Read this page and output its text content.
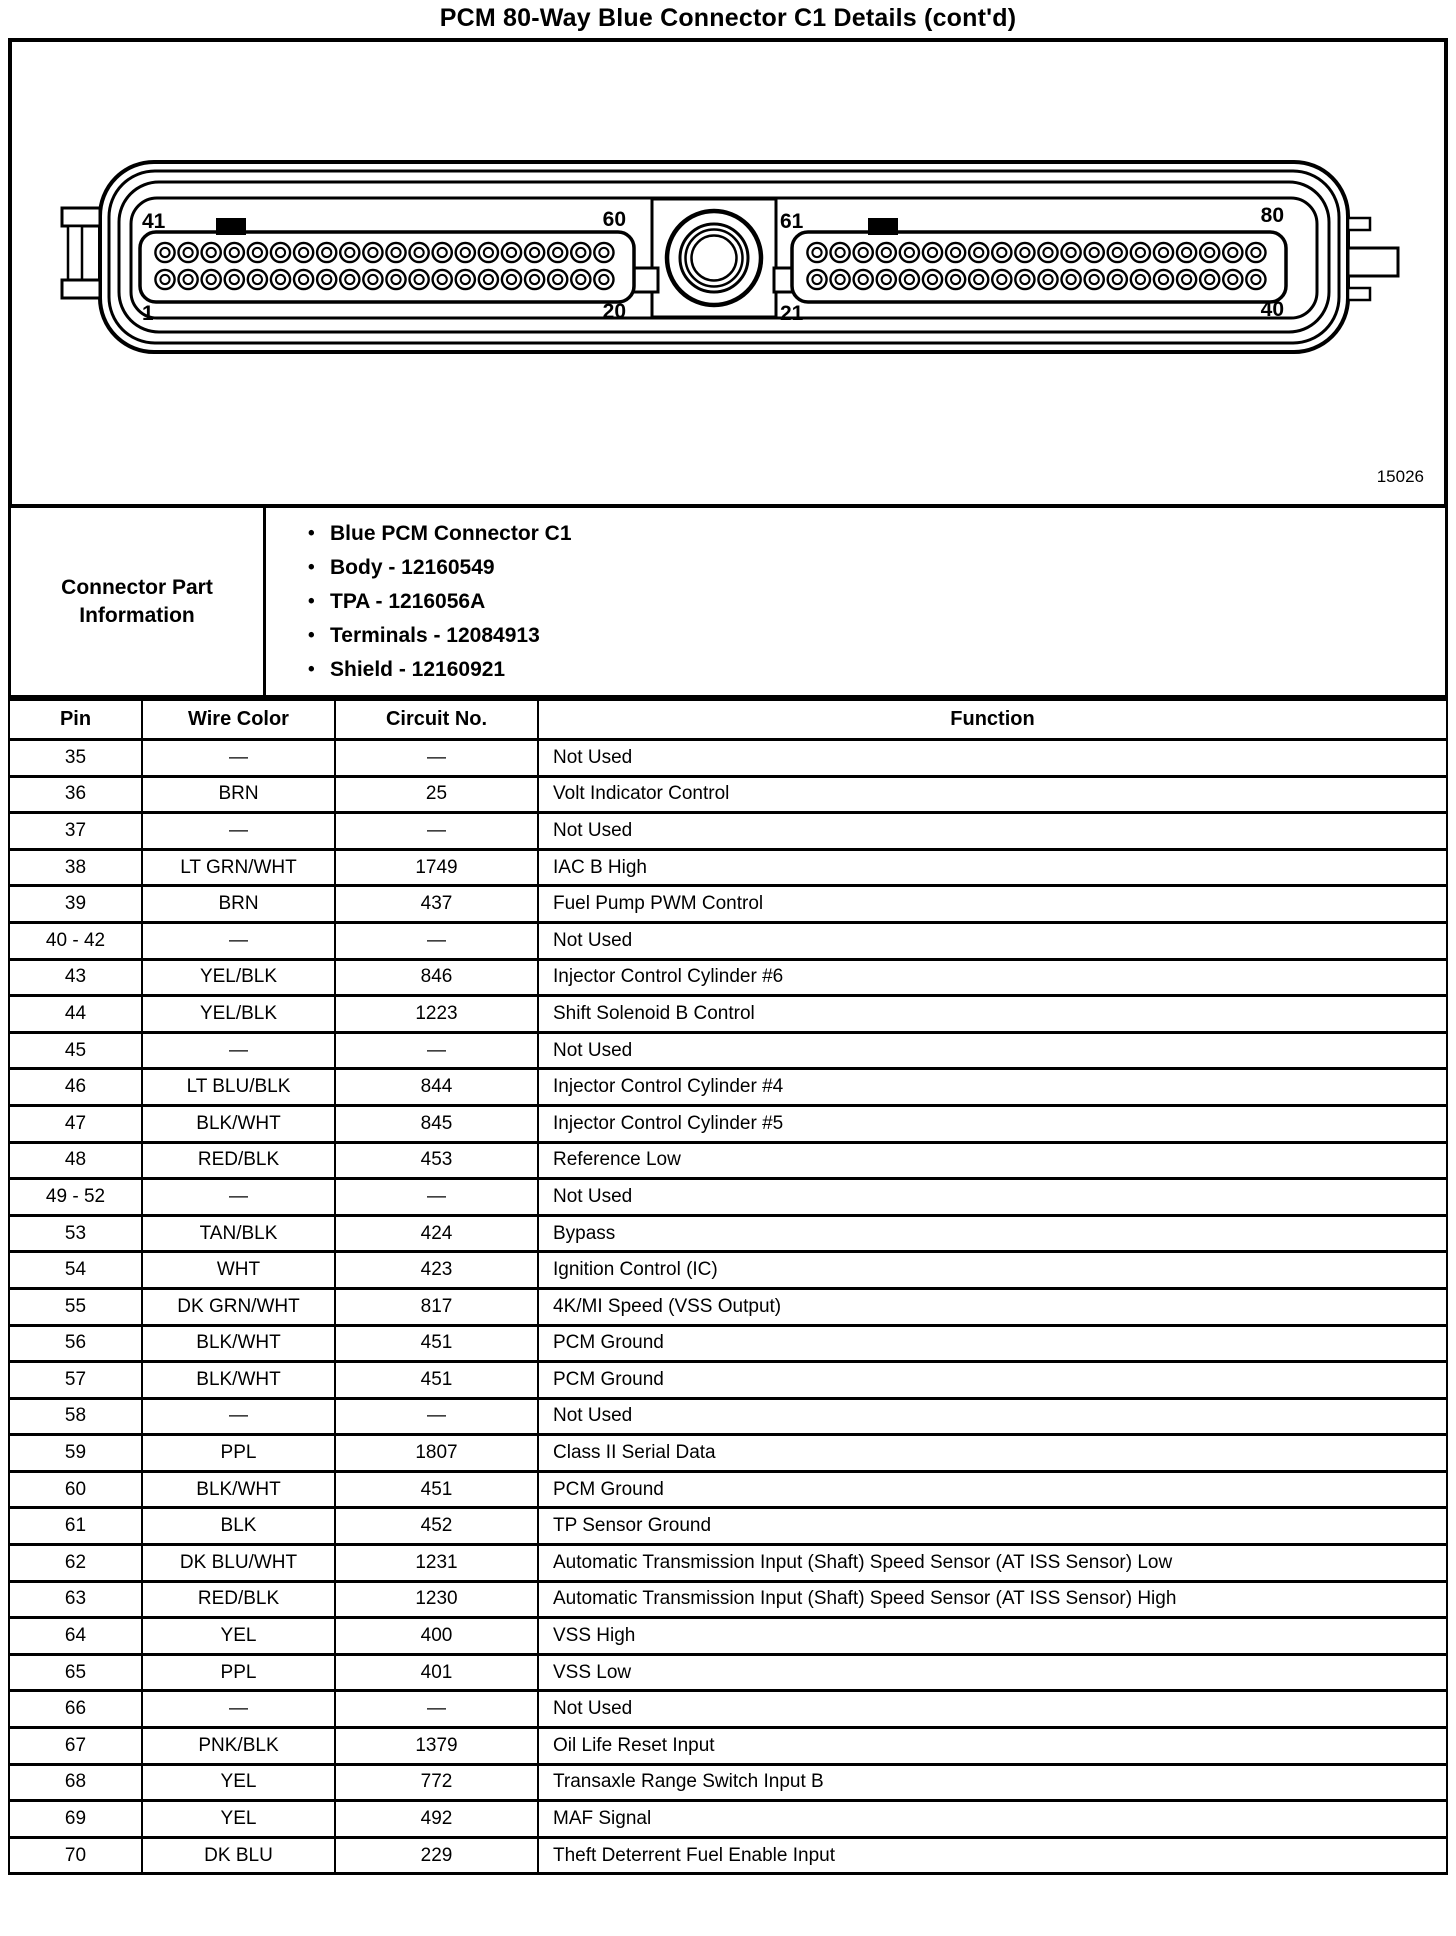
PCM 80-Way Blue Connector C1 Details (cont'd)
41	60
1	20
61	80
21	40
15026
Connector Part Information
• Blue PCM Connector C1
• Body - 12160549
• TPA - 1216056A
• Terminals - 12084913
• Shield - 12160921
Pin	Wire Color	Circuit No.	Function
35	—	—	Not Used
36	BRN	25	Volt Indicator Control
37	—	—	Not Used
38	LT GRN/WHT	1749	IAC B High
39	BRN	437	Fuel Pump PWM Control
40 - 42	—	—	Not Used
43	YEL/BLK	846	Injector Control Cylinder #6
44	YEL/BLK	1223	Shift Solenoid B Control
45	—	—	Not Used
46	LT BLU/BLK	844	Injector Control Cylinder #4
47	BLK/WHT	845	Injector Control Cylinder #5
48	RED/BLK	453	Reference Low
49 - 52	—	—	Not Used
53	TAN/BLK	424	Bypass
54	WHT	423	Ignition Control (IC)
55	DK GRN/WHT	817	4K/MI Speed (VSS Output)
56	BLK/WHT	451	PCM Ground
57	BLK/WHT	451	PCM Ground
58	—	—	Not Used
59	PPL	1807	Class II Serial Data
60	BLK/WHT	451	PCM Ground
61	BLK	452	TP Sensor Ground
62	DK BLU/WHT	1231	Automatic Transmission Input (Shaft) Speed Sensor (AT ISS Sensor) Low
63	RED/BLK	1230	Automatic Transmission Input (Shaft) Speed Sensor (AT ISS Sensor) High
64	YEL	400	VSS High
65	PPL	401	VSS Low
66	—	—	Not Used
67	PNK/BLK	1379	Oil Life Reset Input
68	YEL	772	Transaxle Range Switch Input B
69	YEL	492	MAF Signal
70	DK BLU	229	Theft Deterrent Fuel Enable Input
